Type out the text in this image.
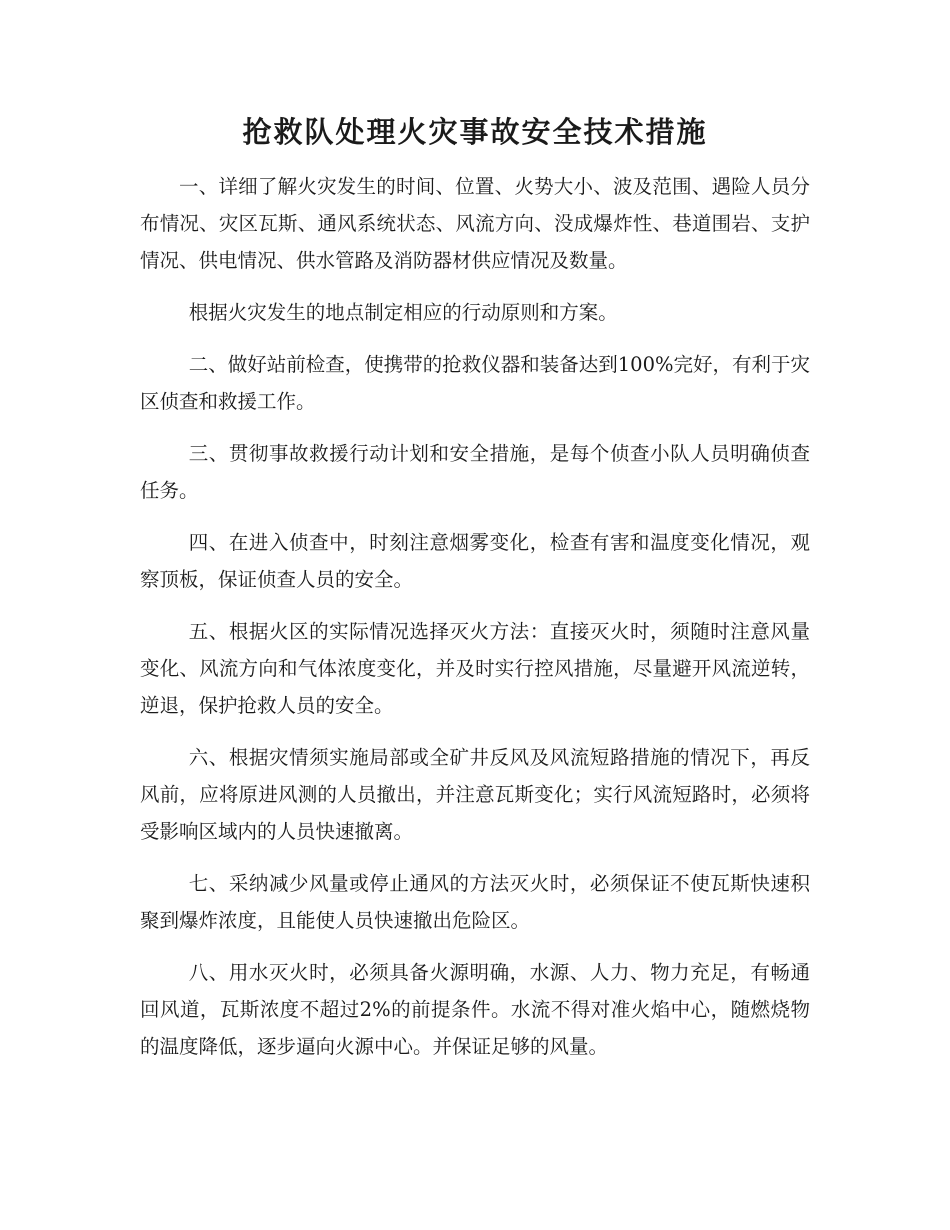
抢救队处理火灾事故安全技术措施

一、详细了解火灾发生的时间、位置、火势大小、波及范围、遇险人员分布情况、灾区瓦斯、通风系统状态、风流方向、没成爆炸性、巷道围岩、支护情况、供电情况、供水管路及消防器材供应情况及数量。

根据火灾发生的地点制定相应的行动原则和方案。

二、做好站前检查，使携带的抢救仪器和装备达到100%完好，有利于灾区侦查和救援工作。

三、贯彻事故救援行动计划和安全措施，是每个侦查小队人员明确侦查任务。

四、在进入侦查中，时刻注意烟雾变化，检查有害和温度变化情况，观察顶板，保证侦查人员的安全。

五、根据火区的实际情况选择灭火方法：直接灭火时，须随时注意风量变化、风流方向和气体浓度变化，并及时实行控风措施，尽量避开风流逆转，逆退，保护抢救人员的安全。

六、根据灾情须实施局部或全矿井反风及风流短路措施的情况下，再反风前，应将原进风测的人员撤出，并注意瓦斯变化；实行风流短路时，必须将受影响区域内的人员快速撤离。

七、采纳减少风量或停止通风的方法灭火时，必须保证不使瓦斯快速积聚到爆炸浓度，且能使人员快速撤出危险区。

八、用水灭火时，必须具备火源明确，水源、人力、物力充足，有畅通回风道，瓦斯浓度不超过2%的前提条件。水流不得对准火焰中心，随燃烧物的温度降低，逐步逼向火源中心。并保证足够的风量。
